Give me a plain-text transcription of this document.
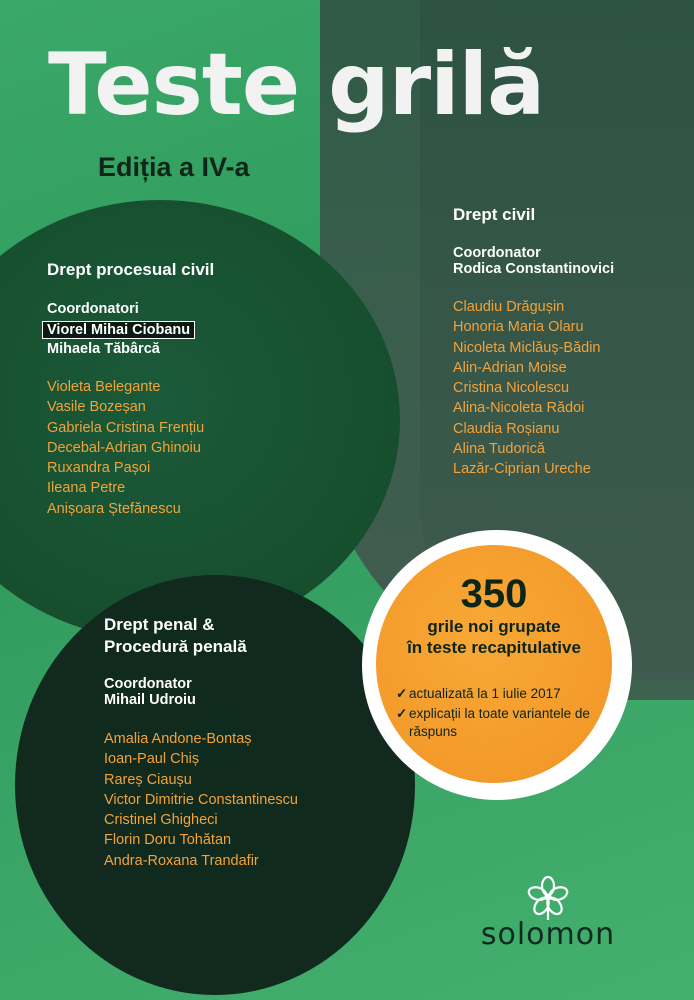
Teste grilă
Ediția a IV-a
Drept procesual civil
Coordonatori
Viorel Mihai Ciobanu
Mihaela Tăbârcă
Violeta Belegante
Vasile Bozeșan
Gabriela Cristina Frențiu
Decebal-Adrian Ghinoiu
Ruxandra Pașoi
Ileana Petre
Anișoara Ștefănescu
Drept civil
Coordonator
Rodica Constantinovici
Claudiu Drăgușin
Honoria Maria Olaru
Nicoleta Miclăuș-Bădin
Alin-Adrian Moise
Cristina Nicolescu
Alina-Nicoleta Rădoi
Claudia Roșianu
Alina Tudorică
Lazăr-Ciprian Ureche
Drept penal &
Procedură penală
Coordonator
Mihail Udroiu
Amalia Andone-Bontaș
Ioan-Paul Chiș
Rareș Ciaușu
Victor Dimitrie Constantinescu
Cristinel Ghigheci
Florin Doru Tohătan
Andra-Roxana Trandafir
350
grile noi grupate
în teste recapitulative
✓ actualizată la 1 iulie 2017
✓ explicații la toate variantele de răspuns
solomon
